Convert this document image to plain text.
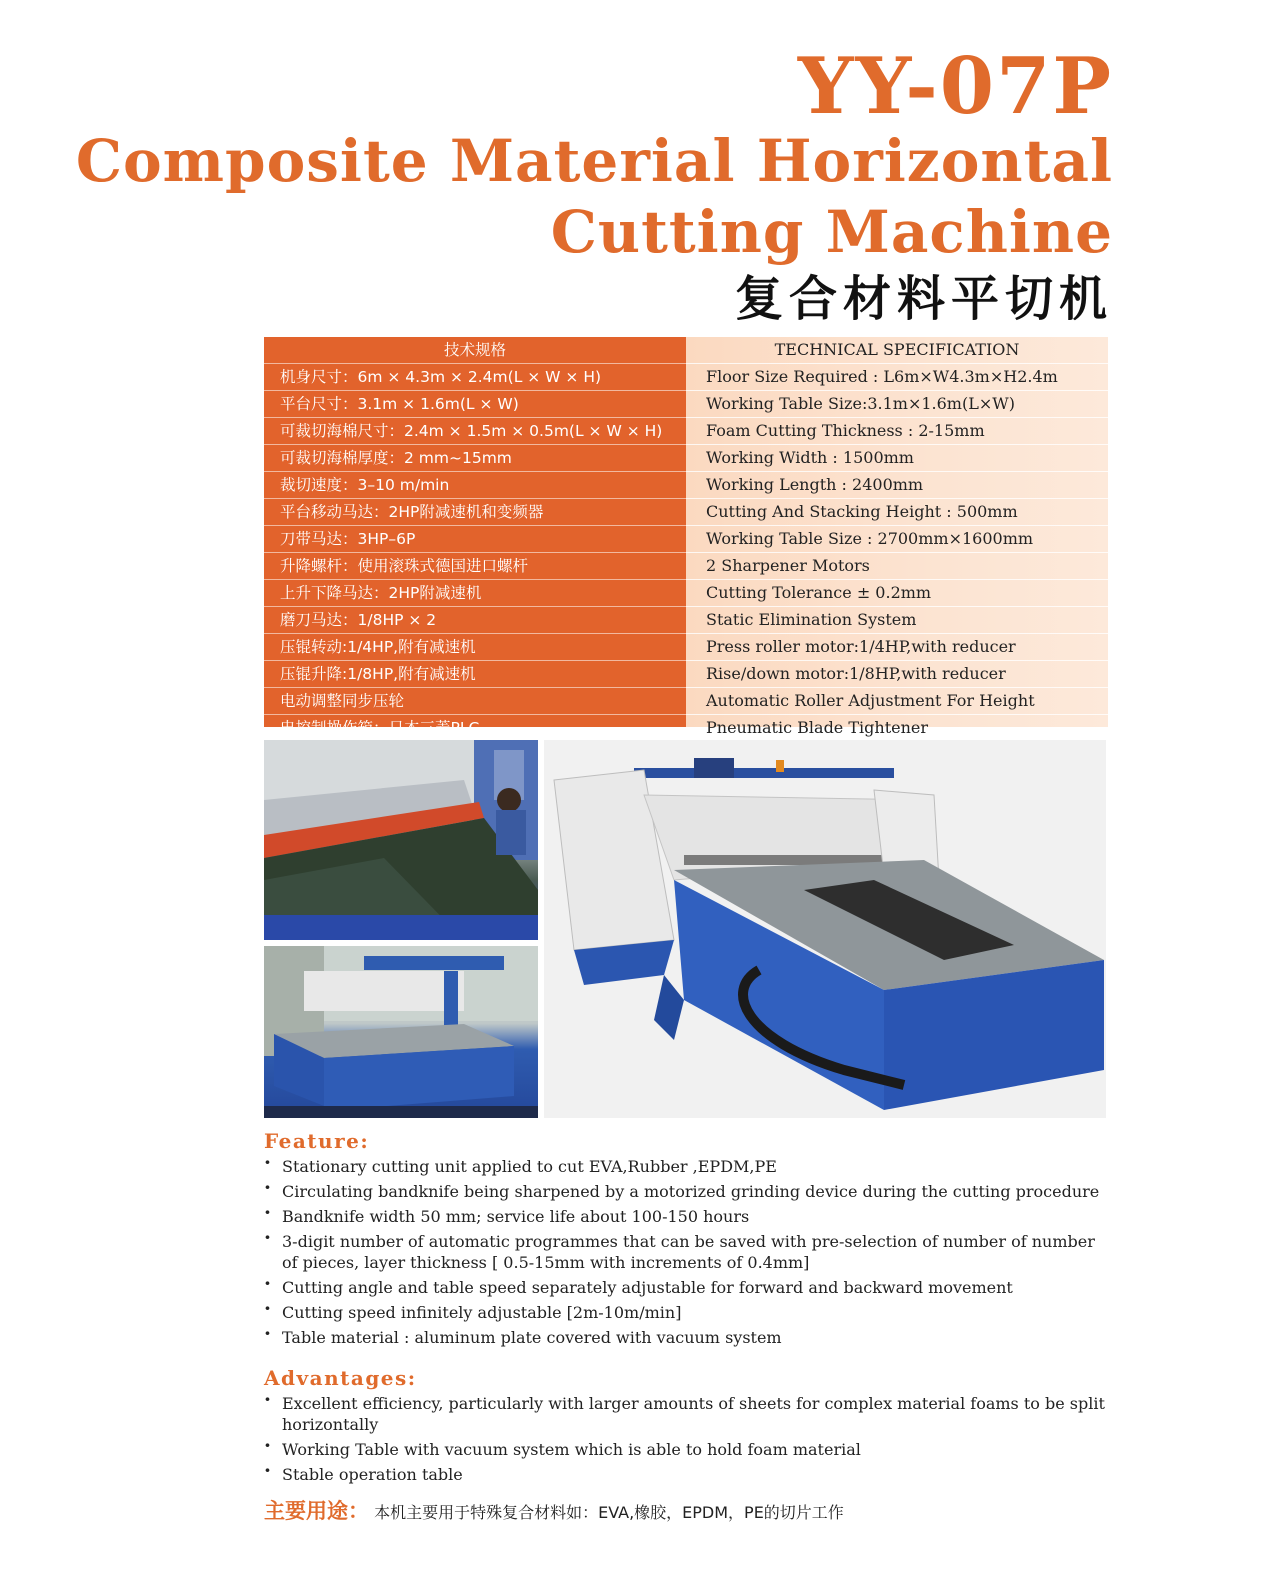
YY-07P
Composite Material Horizontal
Cutting Machine
复合材料平切机
技术规格
机身尺寸：6m × 4.3m × 2.4m(L × W × H)
平台尺寸：3.1m × 1.6m(L × W)
可裁切海棉尺寸：2.4m × 1.5m × 0.5m(L × W × H)
可裁切海棉厚度：2 mm~15mm
裁切速度：3–10 m/min
平台移动马达：2HP附减速机和变频器
刀带马达：3HP–6P
升降螺杆：使用滚珠式德国进口螺杆
上升下降马达：2HP附减速机
磨刀马达：1/8HP × 2
压锟转动:1/4HP,附有减速机
压锟升降:1/8HP,附有减速机
电动调整同步压轮
电控制操作箱：日本三菱PLC
TECHNICAL SPECIFICATION
Floor Size Required : L6m×W4.3m×H2.4m
Working Table Size:3.1m×1.6m(L×W)
Foam Cutting Thickness : 2-15mm
Working Width : 1500mm
Working Length : 2400mm
Cutting And Stacking Height : 500mm
Working Table Size : 2700mm×1600mm
2 Sharpener Motors
Cutting Tolerance ± 0.2mm
Static Elimination System
Press roller motor:1/4HP,with reducer
Rise/down motor:1/8HP,with reducer
Automatic Roller Adjustment For Height
Pneumatic Blade Tightener
Feature:
· Stationary cutting unit applied to cut EVA,Rubber ,EPDM,PE
· Circulating bandknife being sharpened by a motorized grinding device during the cutting procedure
· Bandknife width 50 mm; service life about 100-150 hours
· 3-digit number of automatic programmes that can be saved with pre-selection of number of number of pieces, layer thickness [ 0.5-15mm with increments of 0.4mm]
· Cutting angle and table speed separately adjustable for forward and backward movement
· Cutting speed infinitely adjustable [2m-10m/min]
· Table material : aluminum plate covered with vacuum system
Advantages:
· Excellent efficiency, particularly with larger amounts of sheets for complex material foams to be split horizontally
· Working Table with vacuum system which is able to hold foam material
· Stable operation table

主要用途： 本机主要用于特殊复合材料如：EVA,橡胶，EPDM，PE的切片工作
